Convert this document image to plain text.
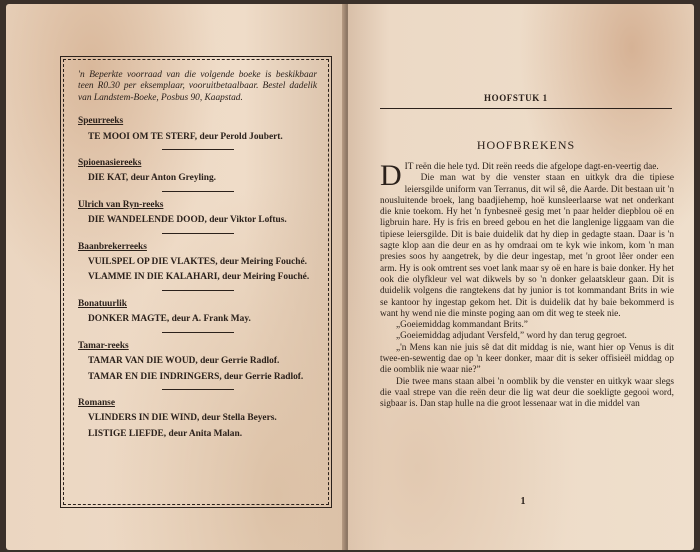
'n Beperkte voorraad van die volgende boeke is beskikbaar teen R0.30 per eksemplaar, vooruitbetaalbaar. Bestel dadelik van Landstem-Boeke, Posbus 90, Kaapstad.

Speurreeks
TE MOOI OM TE STERF, deur Perold Joubert.
Spioenasiereeks
DIE KAT, deur Anton Greyling.
Ulrich van Ryn-reeks
DIE WANDELENDE DOOD, deur Viktor Loftus.
Baanbrekerreeks
VUILSPEL OP DIE VLAKTES, deur Meiring Fouché.
VLAMME IN DIE KALAHARI, deur Meiring Fouché.
Bonatuurlik
DONKER MAGTE, deur A. Frank May.
Tamar-reeks
TAMAR VAN DIE WOUD, deur Gerrie Radlof.
TAMAR EN DIE INDRINGERS, deur Gerrie Radlof.
Romanse
VLINDERS IN DIE WIND, deur Stella Beyers.
LISTIGE LIEFDE, deur Anita Malan.
HOOFSTUK 1
HOOFBREKENS
D IT reën die hele tyd. Dit reën reeds die afgelope dagt-en-veertig dae.

Die man wat by die venster staan en uitkyk dra die tipiese leiersgilde uniform van Terranus, dit wil sê, die Aarde. Dit bestaan uit 'n nousluitende broek, lang baadjiehemp, hoë kunsleerlaarse wat net onderkant die knie toekom. Hy het 'n fynbesneë gesig met 'n paar helder diepblou oë en ligbruin hare. Hy is fris en breed gebou en het die langlenige liggaam van die tipiese leiersgilde. Dit is baie duidelik dat hy diep in gedagte staan. Daar is 'n sagte klop aan die deur en as hy omdraai om te kyk wie inkom, kom 'n man presies soos hy aangetrek, by die deur ingestap, met 'n groot lêer onder een arm. Hy is ook omtrent ses voet lank maar sy oë en hare is baie donker. Hy het ook die olyfkleur vel wat dikwels by so 'n donker gelaatskleur gaan. Dit is duidelik volgens die rangtekens dat hy junior is tot kommandant Brits in wie se kantoor hy ingestap gekom het. Dit is duidelik dat hy baie bekommerd is want hy wend nie die minste poging aan om dit weg te steek nie.

„Goeiemiddag kommandant Brits.”

„Goeiemiddag adjudant Versfeld,” word hy dan terug gegroet.

„'n Mens kan nie juis sê dat dit middag is nie, want hier op Venus is dit twee-en-sewentig dae op 'n keer donker, maar dit is seker offisieël middag op die oomblik nie waar nie?”

Die twee mans staan albei 'n oomblik by die venster en uitkyk waar slegs die vaal strepe van die reën deur die lig wat deur die soekligte gegooi word, sigbaar is. Dan stap hulle na die groot lessenaar wat in die middel van

1
